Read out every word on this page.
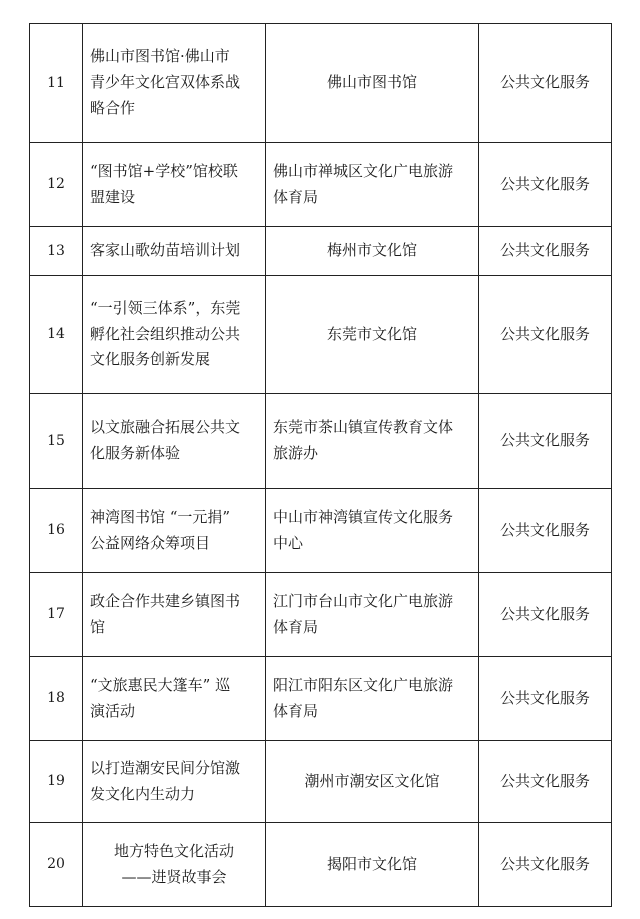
11	佛山市图书馆·佛山市
青少年文化宫双体系战
略合作	佛山市图书馆	公共文化服务
12	“图书馆+学校”馆校联
盟建设	佛山市禅城区文化广电旅游
体育局	公共文化服务
13	客家山歌幼苗培训计划	梅州市文化馆	公共文化服务
14	“一引领三体系”，东莞
孵化社会组织推动公共
文化服务创新发展	东莞市文化馆	公共文化服务
15	以文旅融合拓展公共文
化服务新体验	东莞市茶山镇宣传教育文体
旅游办	公共文化服务
16	神湾图书馆 “一元捐”
公益网络众筹项目	中山市神湾镇宣传文化服务
中心	公共文化服务
17	政企合作共建乡镇图书
馆	江门市台山市文化广电旅游
体育局	公共文化服务
18	“文旅惠民大篷车” 巡
演活动	阳江市阳东区文化广电旅游
体育局	公共文化服务
19	以打造潮安民间分馆激
发文化内生动力	潮州市潮安区文化馆	公共文化服务
20	地方特色文化活动
——进贤故事会	揭阳市文化馆	公共文化服务
